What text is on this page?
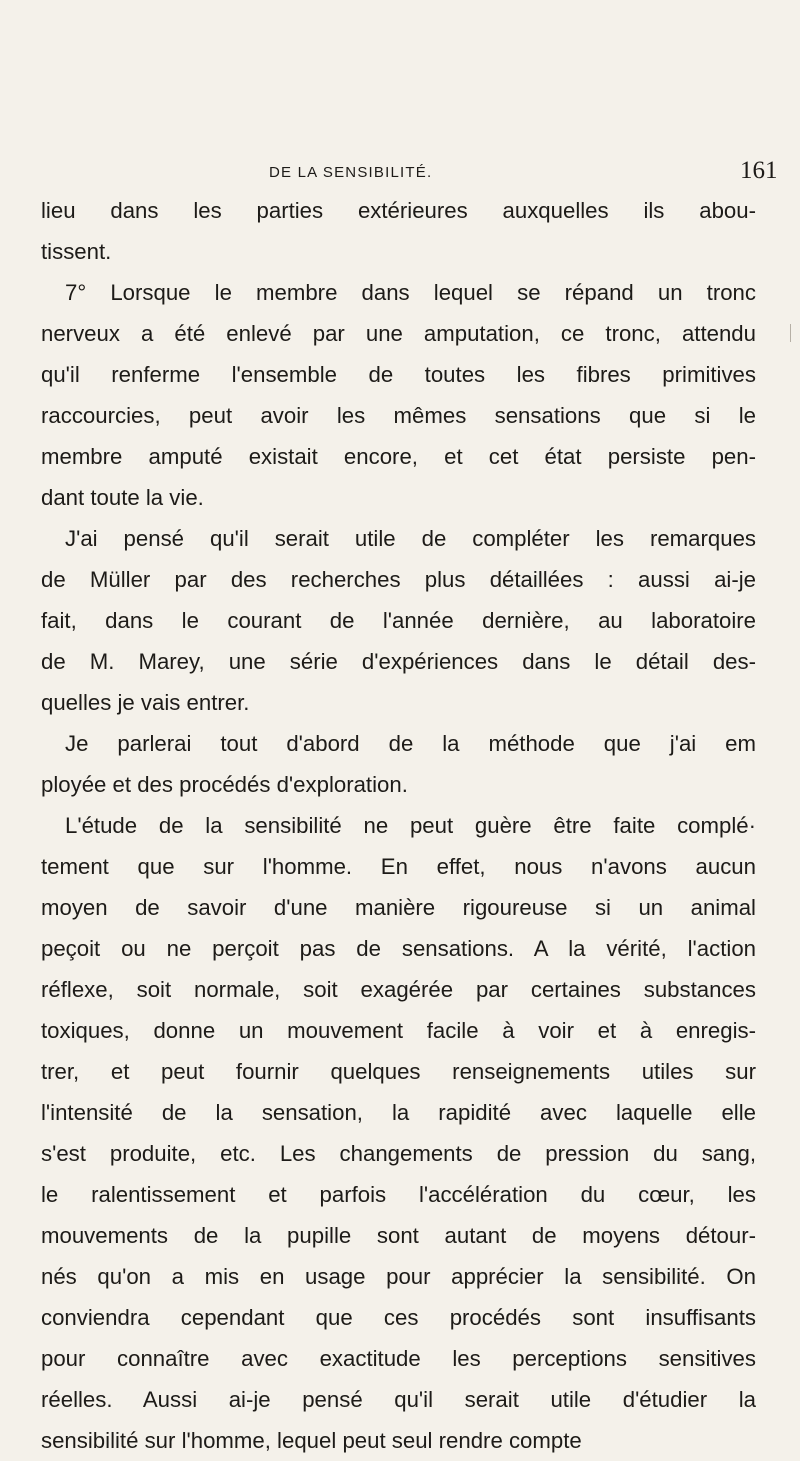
DE LA SENSIBILITÉ.	161
lieu dans les parties extérieures auxquelles ils abou-
tissent.
7° Lorsque le membre dans lequel se répand un tronc
nerveux a été enlevé par une amputation, ce tronc, attendu
qu'il renferme l'ensemble de toutes les fibres primitives
raccourcies, peut avoir les mêmes sensations que si le
membre amputé existait encore, et cet état persiste pen-
dant toute la vie.
J'ai pensé qu'il serait utile de compléter les remarques
de Müller par des recherches plus détaillées : aussi ai-je
fait, dans le courant de l'année dernière, au laboratoire
de M. Marey, une série d'expériences dans le détail des-
quelles je vais entrer.
Je parlerai tout d'abord de la méthode que j'ai em
ployée et des procédés d'exploration.
L'étude de la sensibilité ne peut guère être faite complé·
tement que sur l'homme. En effet, nous n'avons aucun
moyen de savoir d'une manière rigoureuse si un animal
peçoit ou ne perçoit pas de sensations. A la vérité, l'action
réflexe, soit normale, soit exagérée par certaines substances
toxiques, donne un mouvement facile à voir et à enregis-
trer, et peut fournir quelques renseignements utiles sur
l'intensité de la sensation, la rapidité avec laquelle elle
s'est produite, etc. Les changements de pression du sang,
le ralentissement et parfois l'accélération du cœur, les
mouvements de la pupille sont autant de moyens détour-
nés qu'on a mis en usage pour apprécier la sensibilité. On
conviendra cependant que ces procédés sont insuffisants
pour connaître avec exactitude les perceptions sensitives
réelles. Aussi ai-je pensé qu'il serait utile d'étudier la
sensibilité sur l'homme, lequel peut seul rendre compte
